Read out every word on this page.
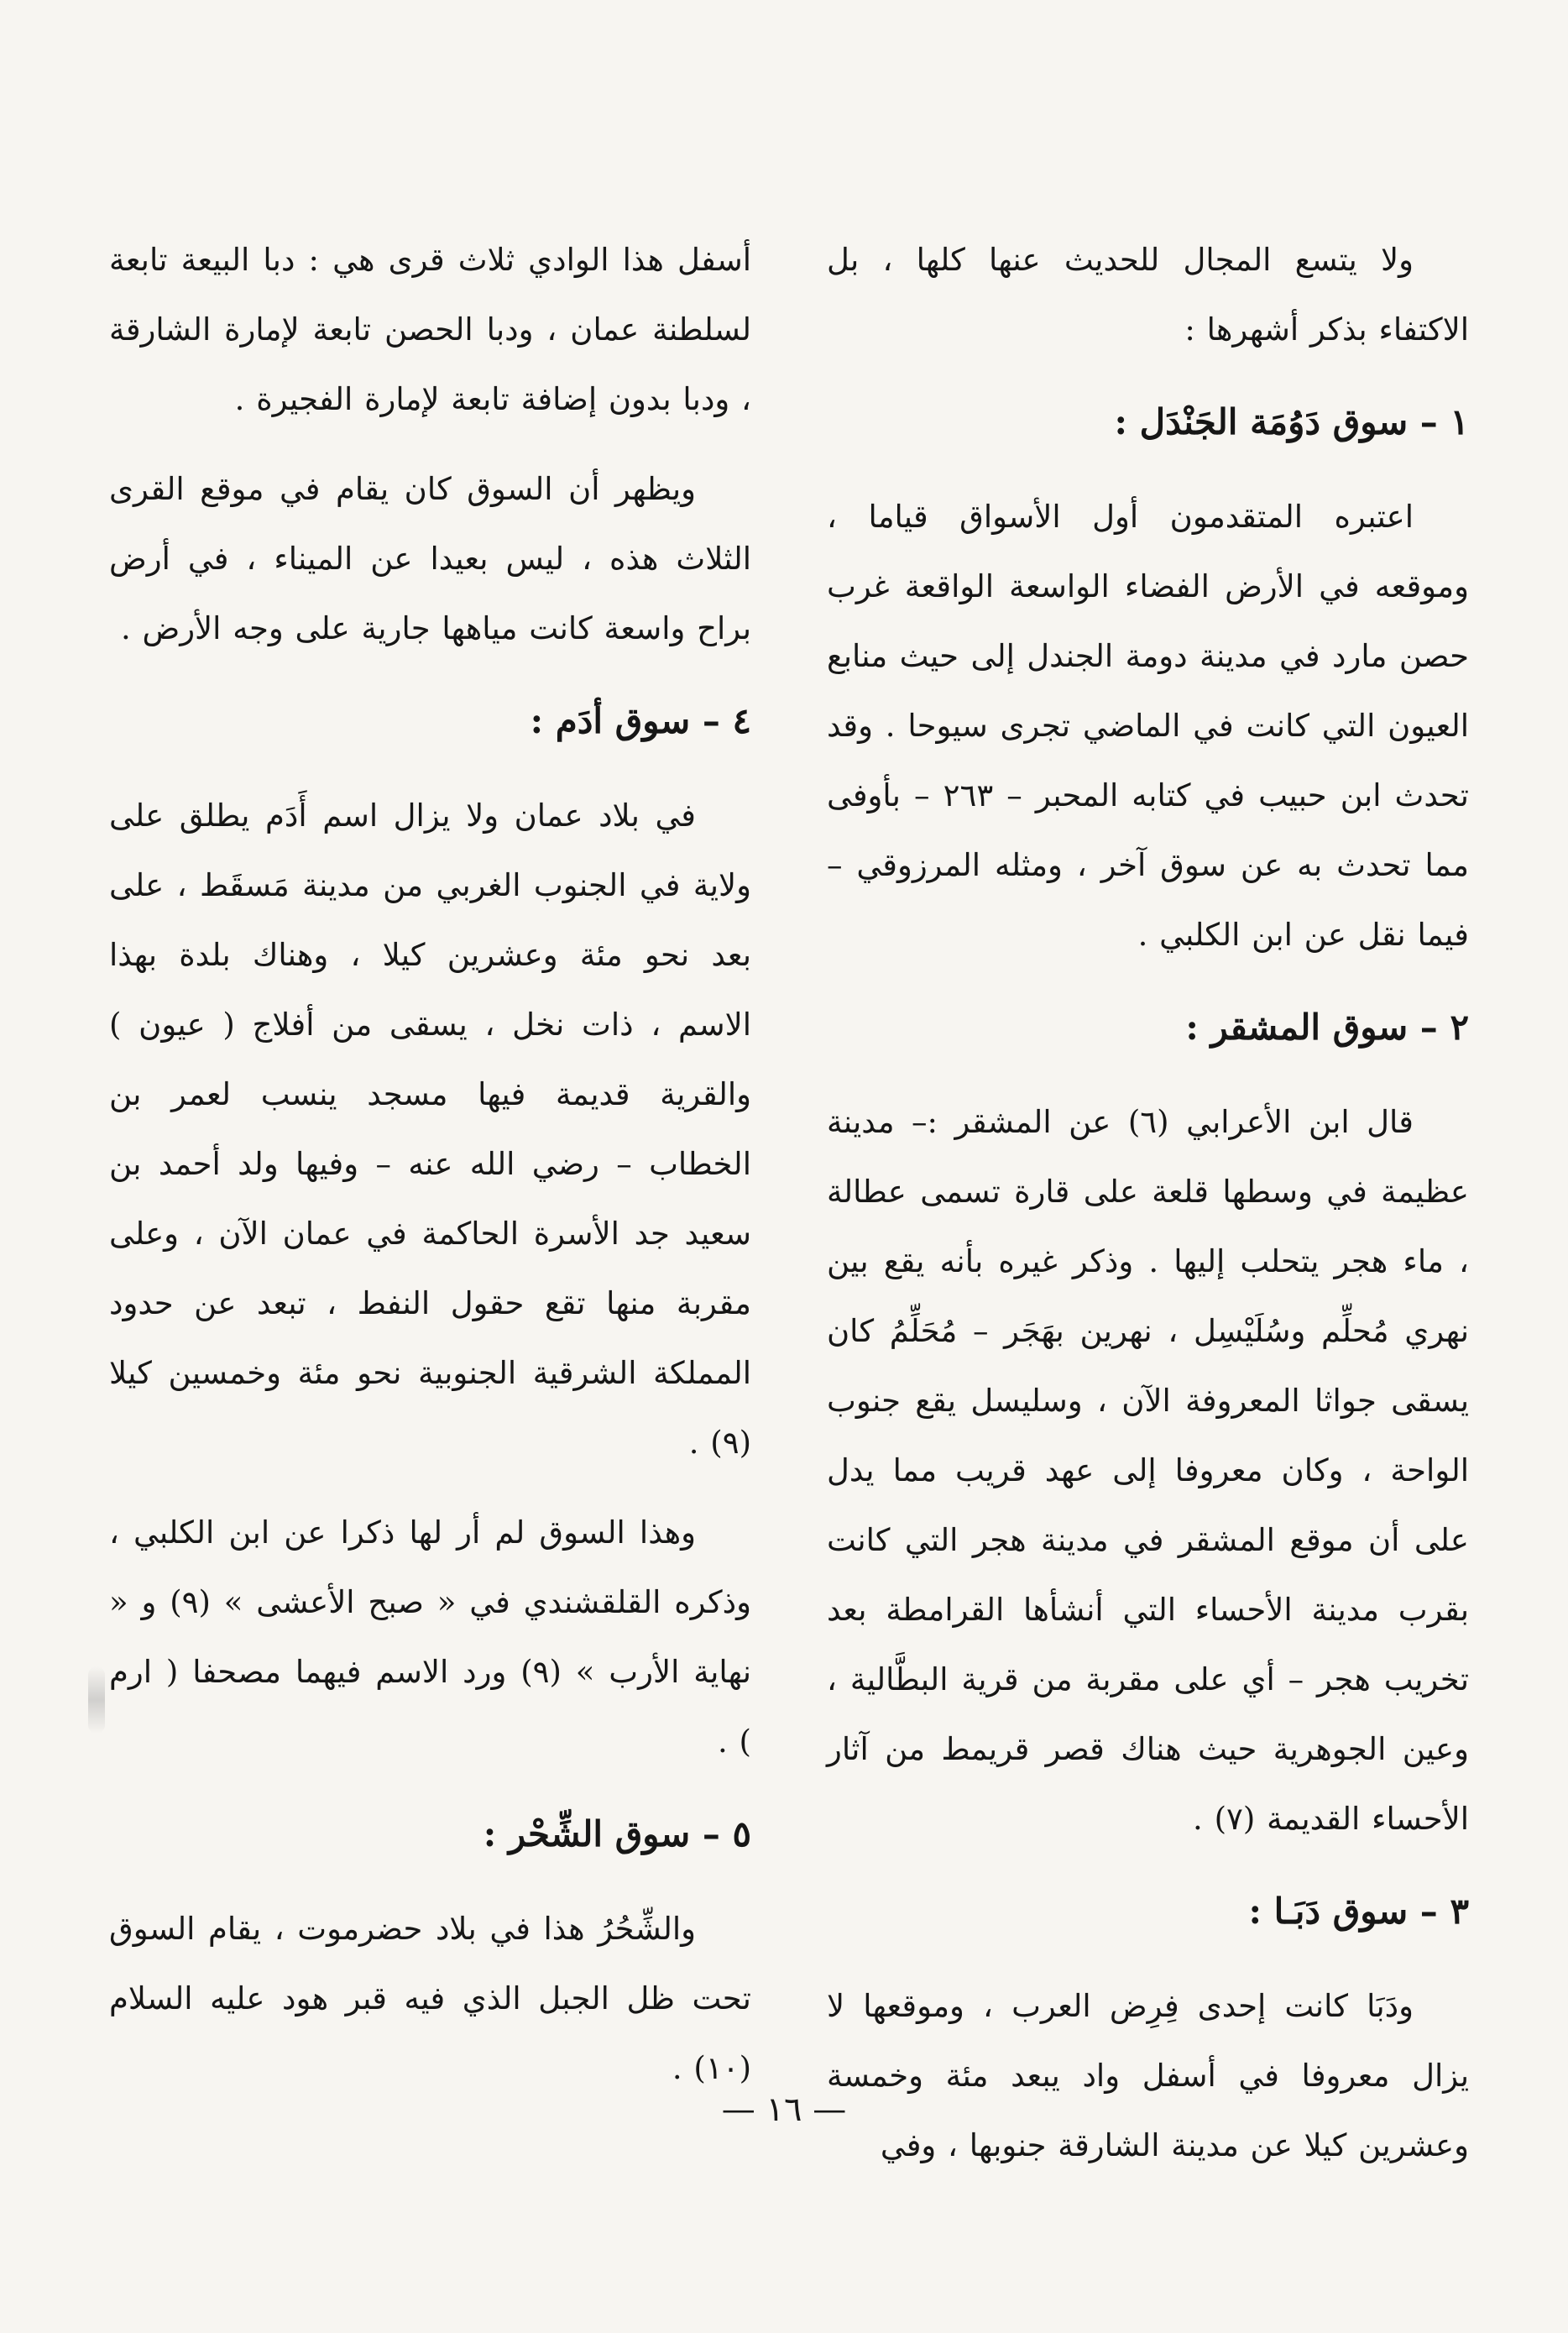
ولا يتسع المجال للحديث عنها كلها ، بل الاكتفاء بذكر أشهرها :

١ – سوق دَوُمَة الجَنْدَل :

اعتبره المتقدمون أول الأسواق قياما ، وموقعه في الأرض الفضاء الواسعة الواقعة غرب حصن مارد في مدينة دومة الجندل إلى حيث منابع العيون التي كانت في الماضي تجرى سيوحا . وقد تحدث ابن حبيب في كتابه المحبر – ٢٦٣ – بأوفى مما تحدث به عن سوق آخر ، ومثله المرزوقي – فيما نقل عن ابن الكلبي .

٢ – سوق المشقر :

قال ابن الأعرابي (٦) عن المشقر :– مدينة عظيمة في وسطها قلعة على قارة تسمى عطالة ، ماء هجر يتحلب إليها . وذكر غيره بأنه يقع بين نهري مُحلِّم وسُلَيْسِل ، نهرين بهَجَر – مُحَلِّمُ كان يسقى جواثا المعروفة الآن ، وسليسل يقع جنوب الواحة ، وكان معروفا إلى عهد قريب مما يدل على أن موقع المشقر في مدينة هجر التي كانت بقرب مدينة الأحساء التي أنشأها القرامطة بعد تخريب هجر – أي على مقربة من قرية البطَّالية ، وعين الجوهرية حيث هناك قصر قريمط من آثار الأحساء القديمة (٧) .

٣ – سوق دَبَـا :

ودَبَا كانت إحدى فِرِض العرب ، وموقعها لا يزال معروفا في أسفل واد يبعد مئة وخمسة وعشرين كيلا عن مدينة الشارقة جنوبها ، وفي

أسفل هذا الوادي ثلاث قرى هي : دبا البيعة تابعة لسلطنة عمان ، ودبا الحصن تابعة لإمارة الشارقة ، ودبا بدون إضافة تابعة لإمارة الفجيرة .

ويظهر أن السوق كان يقام في موقع القرى الثلاث هذه ، ليس بعيدا عن الميناء ، في أرض براح واسعة كانت مياهها جارية على وجه الأرض .

٤ – سوق أدَم :

في بلاد عمان ولا يزال اسم أَدَم يطلق على ولاية في الجنوب الغربي من مدينة مَسقَط ، على بعد نحو مئة وعشرين كيلا ، وهناك بلدة بهذا الاسم ، ذات نخل ، يسقى من أفلاج ( عيون ) والقرية قديمة فيها مسجد ينسب لعمر بن الخطاب – رضي الله عنه – وفيها ولد أحمد بن سعيد جد الأسرة الحاكمة في عمان الآن ، وعلى مقربة منها تقع حقول النفط ، تبعد عن حدود المملكة الشرقية الجنوبية نحو مئة وخمسين كيلا (٩) .

وهذا السوق لم أر لها ذكرا عن ابن الكلبي ، وذكره القلقشندي في « صبح الأعشى » (٩) و « نهاية الأرب » (٩) ورد الاسم فيهما مصحفا ( ارم ) .

٥ – سوق الشِّحْر :

والشِّحُرُ هذا في بلاد حضرموت ، يقام السوق تحت ظل الجبل الذي فيه قبر هود عليه السلام (١٠) .

— ١٦ —
